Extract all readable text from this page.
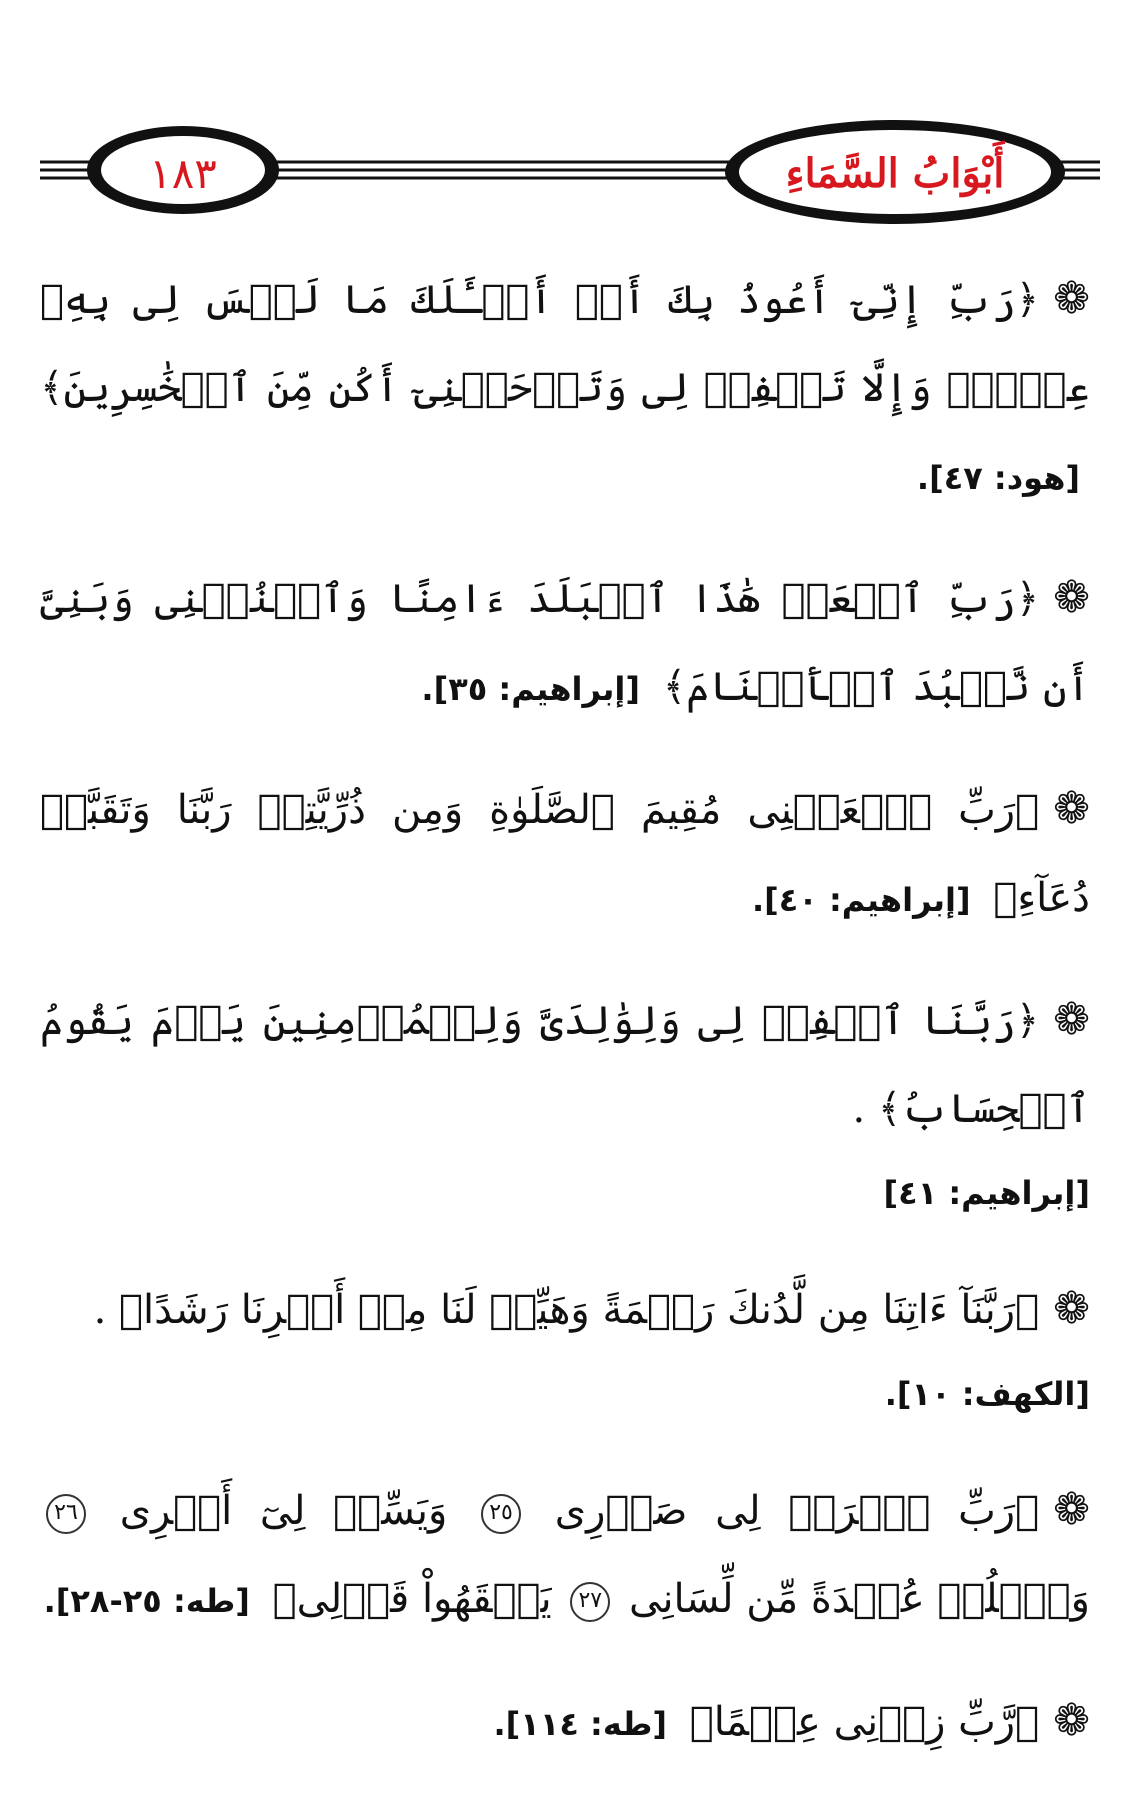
١٨٣	أَبْوَابُ السَّمَاءِ
❁﴿رَبِّ إِنِّىٓ أَعُوذُ بِكَ أَنۡ أَسۡـَٔلَكَ مَا لَيۡسَ لِى بِهِۦ عِلۡمٌۖ وَإِلَّا تَغۡفِرۡ لِى وَتَرۡحَمۡنِىٓ أَكُن مِّنَ ٱلۡخَٰسِرِينَ﴾ [هود: ٤٧].
❁﴿رَبِّ ٱجۡعَلۡ هَٰذَا ٱلۡبَلَدَ ءَامِنًا وَٱجۡنُبۡنِى وَبَنِىَّ أَن نَّعۡبُدَ ٱلۡأَصۡنَامَ﴾ [إبراهيم: ٣٥].
❁﴿رَبِّ ٱجۡعَلۡنِى مُقِيمَ ٱلصَّلَوٰةِ وَمِن ذُرِّيَّتِىۚ رَبَّنَا وَتَقَبَّلۡ دُعَآءِ﴾ [إبراهيم: ٤٠].
❁﴿رَبَّنَا ٱغۡفِرۡ لِى وَلِوَٰلِدَىَّ وَلِلۡمُؤۡمِنِينَ يَوۡمَ يَقُومُ ٱلۡحِسَابُ﴾ .
[إبراهيم: ٤١]
❁﴿رَبَّنَآ ءَاتِنَا مِن لَّدُنكَ رَحۡمَةً وَهَيِّئۡ لَنَا مِنۡ أَمۡرِنَا رَشَدًا﴾ .
[الكهف: ١٠].
❁﴿رَبِّ ٱشۡرَحۡ لِى صَدۡرِى ٢٥ وَيَسِّرۡ لِىٓ أَمۡرِى ٢٦ وَٱحۡلُلۡ عُقۡدَةً مِّن لِّسَانِى ٢٧ يَفۡقَهُواْ قَوۡلِى﴾ [طه: ٢٥-٢٨].
❁﴿رَّبِّ زِدۡنِى عِلۡمًا﴾ [طه: ١١٤].
